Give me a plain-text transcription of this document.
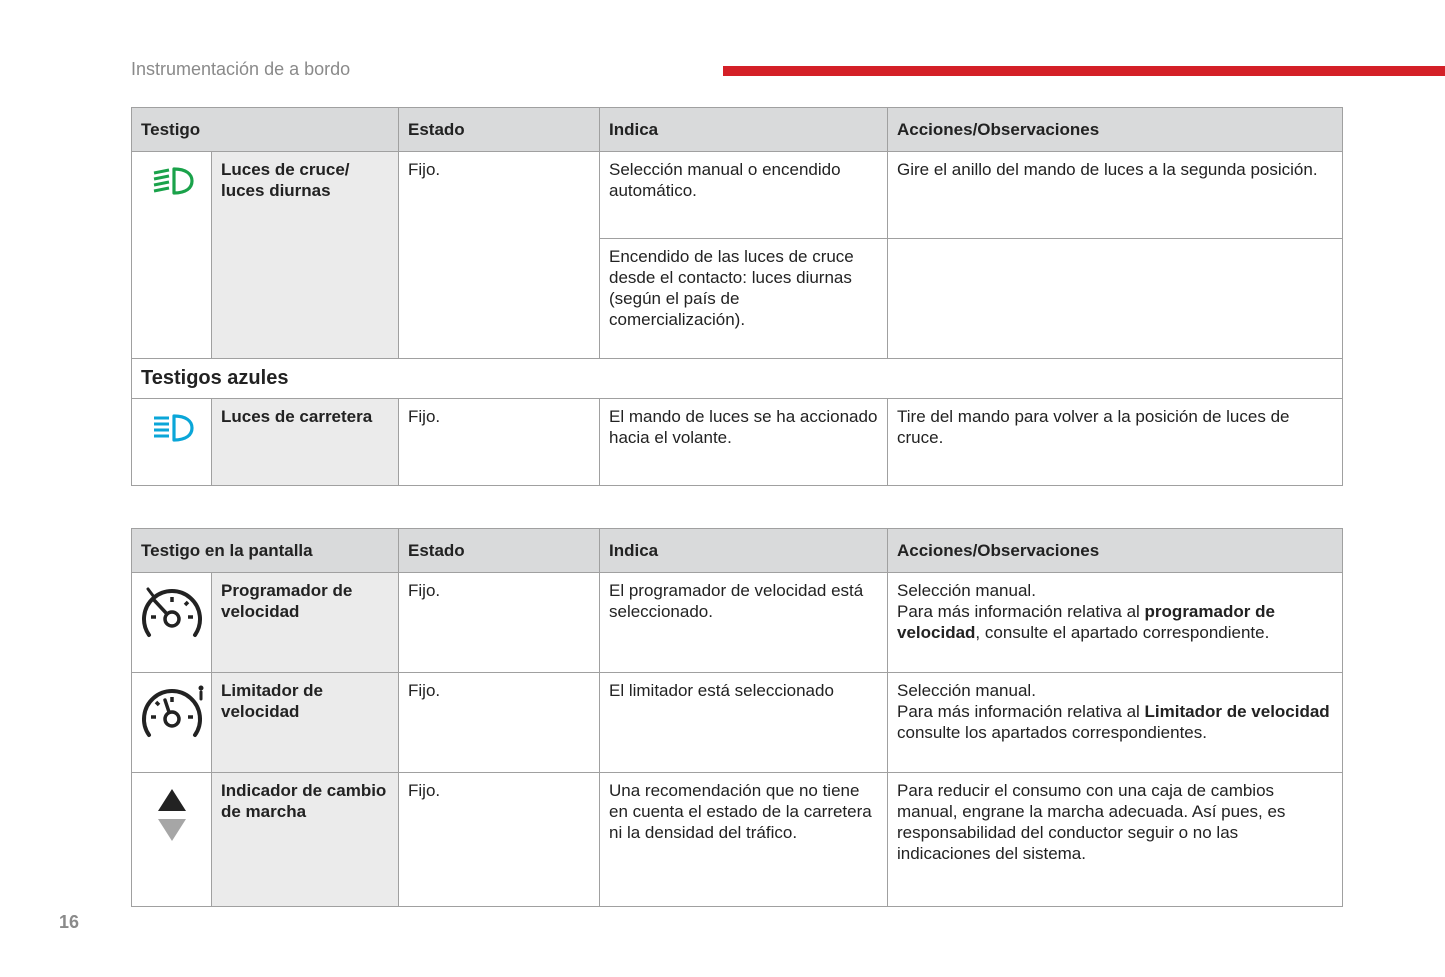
Instrumentación de a bordo
Testigo		Estado	Indica	Acciones/Observaciones
	Luces de cruce/ luces diurnas	Fijo.	Selección manual o encendido automático.	Gire el anillo del mando de luces a la segunda posición.
			Encendido de las luces de cruce desde el contacto: luces diurnas (según el país de comercialización).	
Testigos azules				
	Luces de carretera	Fijo.	El mando de luces se ha accionado hacia el volante.	Tire del mando para volver a la posición de luces de cruce.
Testigo en la pantalla		Estado	Indica	Acciones/Observaciones
	Programador de velocidad	Fijo.	El programador de velocidad está seleccionado.	Selección manual.
Para más información relativa al programador de velocidad, consulte el apartado correspondiente.
	Limitador de velocidad	Fijo.	El limitador está seleccionado	Selección manual.
Para más información relativa al Limitador de velocidad consulte los apartados correspondientes.
	Indicador de cambio de marcha	Fijo.	Una recomendación que no tiene en cuenta el estado de la carretera ni la densidad del tráfico.	Para reducir el consumo con una caja de cambios manual, engrane la marcha adecuada. Así pues, es responsabilidad del conductor seguir o no las indicaciones del sistema.
16
